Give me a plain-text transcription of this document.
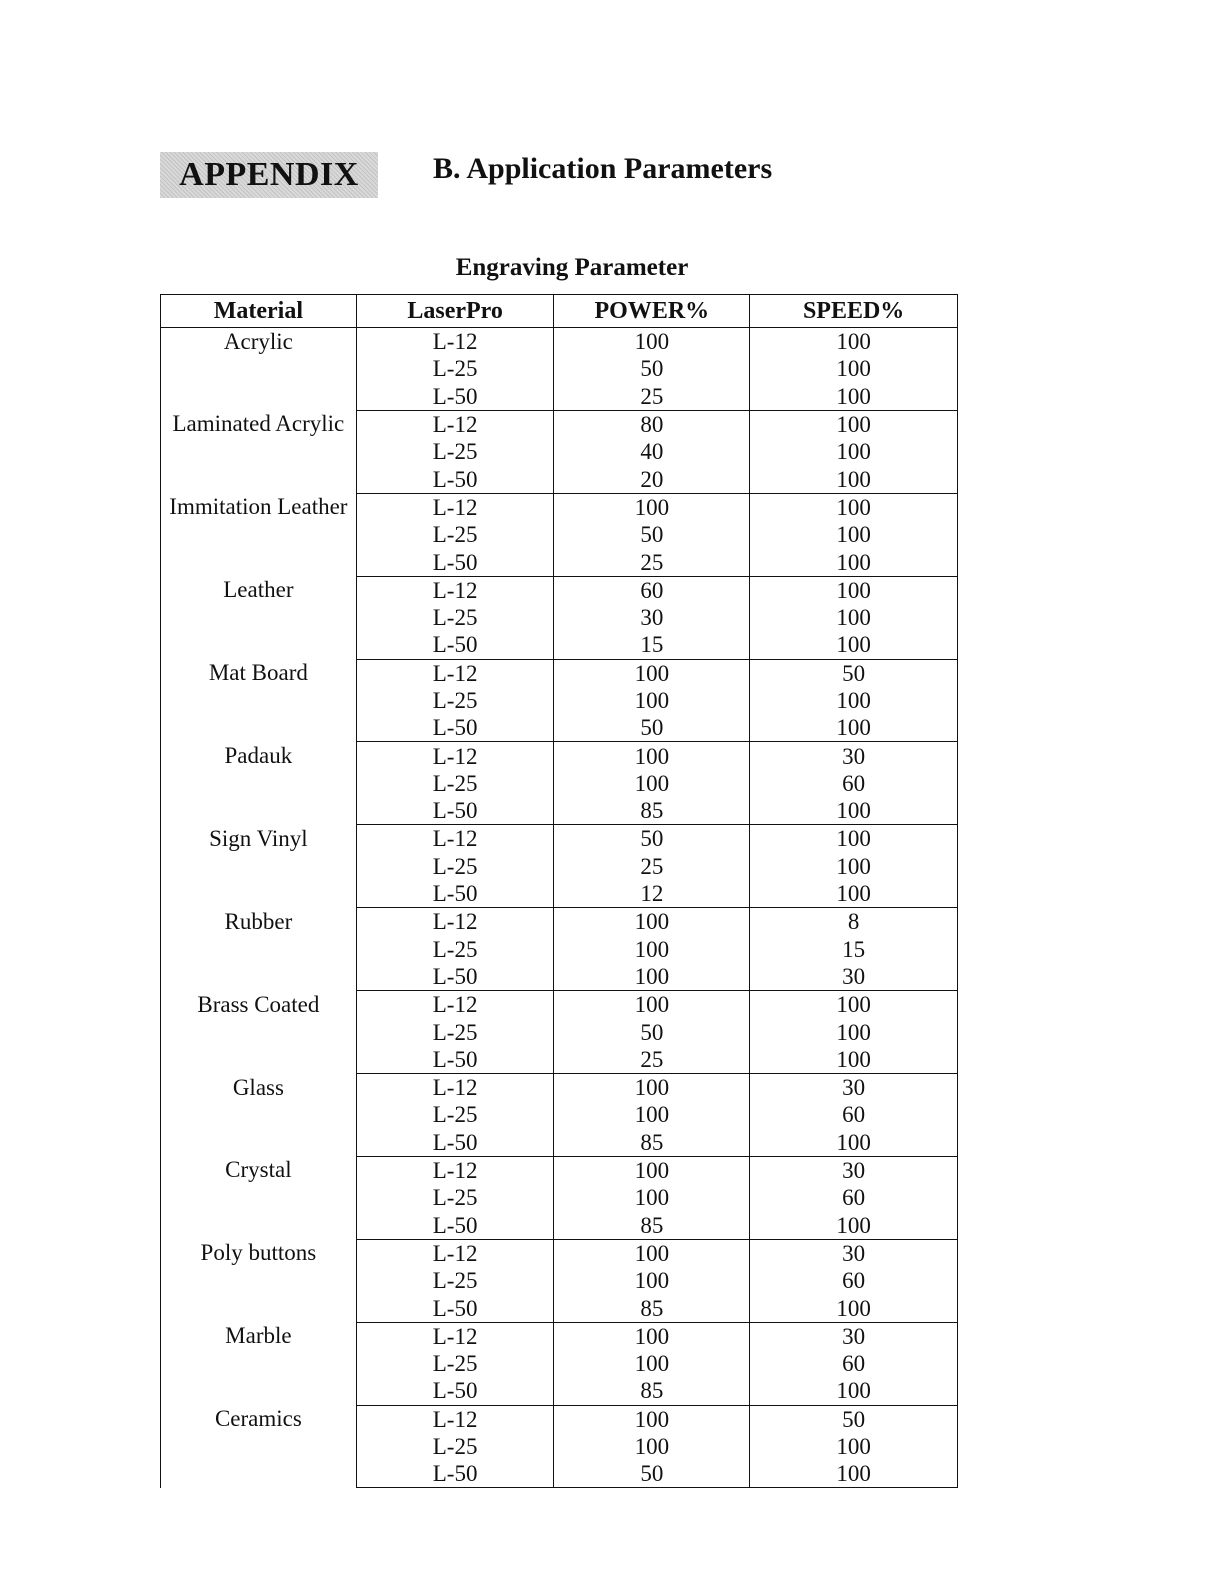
APPENDIX B. Application Parameters
Engraving Parameter
Material	LaserPro	POWER%	SPEED%
Acrylic	L-12	100	100
	L-25	50	100
	L-50	25	100
Laminated Acrylic	L-12	80	100
	L-25	40	100
	L-50	20	100
Immitation Leather	L-12	100	100
	L-25	50	100
	L-50	25	100
Leather	L-12	60	100
	L-25	30	100
	L-50	15	100
Mat Board	L-12	100	50
	L-25	100	100
	L-50	50	100
Padauk	L-12	100	30
	L-25	100	60
	L-50	85	100
Sign Vinyl	L-12	50	100
	L-25	25	100
	L-50	12	100
Rubber	L-12	100	8
	L-25	100	15
	L-50	100	30
Brass Coated	L-12	100	100
	L-25	50	100
	L-50	25	100
Glass	L-12	100	30
	L-25	100	60
	L-50	85	100
Crystal	L-12	100	30
	L-25	100	60
	L-50	85	100
Poly buttons	L-12	100	30
	L-25	100	60
	L-50	85	100
Marble	L-12	100	30
	L-25	100	60
	L-50	85	100
Ceramics	L-12	100	50
	L-25	100	100
	L-50	50	100
